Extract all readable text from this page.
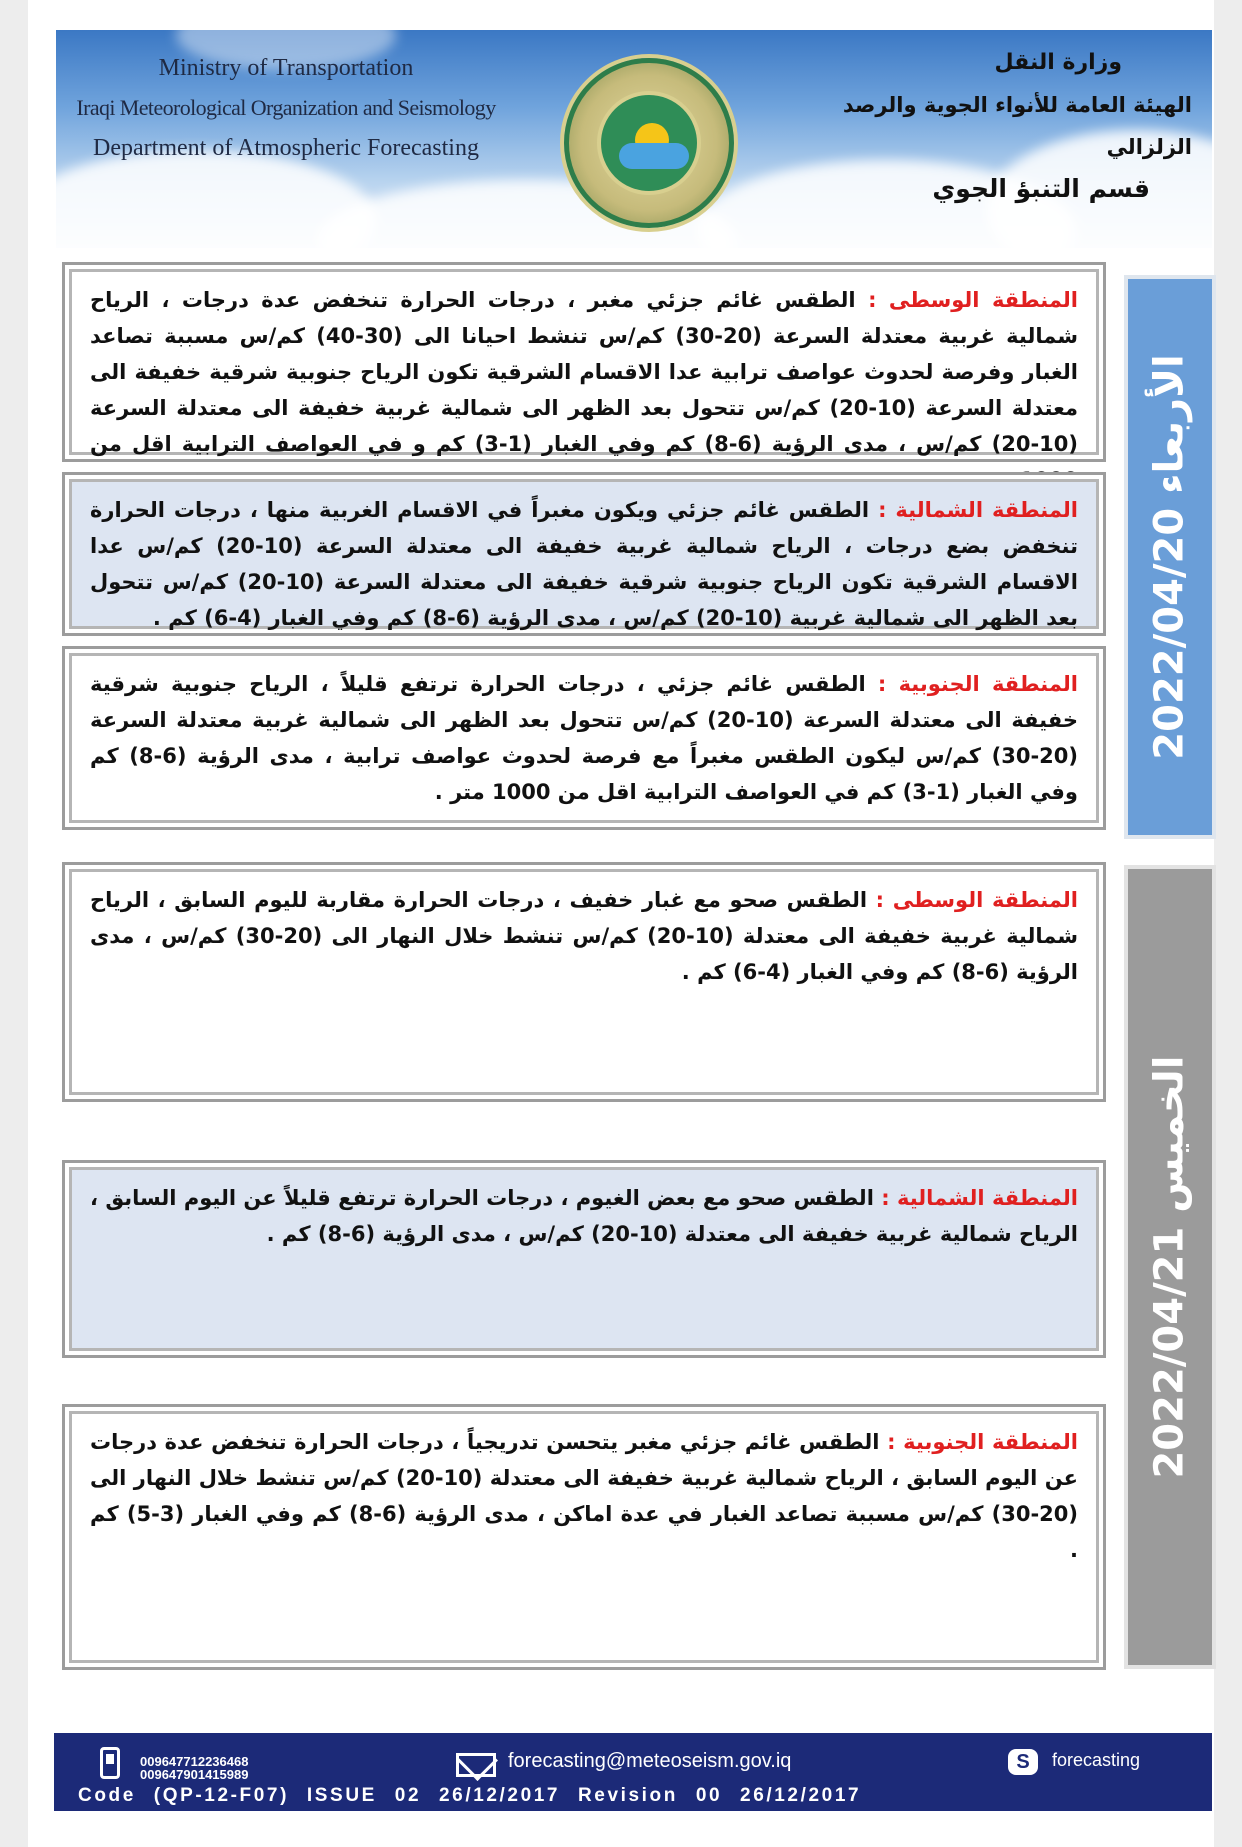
Ministry of Transportation
Iraqi Meteorological Organization and Seismology
Department of Atmospheric Forecasting
وزارة النقل
الهيئة العامة للأنواء الجوية والرصد الزلزالي
قسم التنبؤ الجوي
الأربعاء 2022/04/20
الخميس 2022/04/21
المنطقة الوسطى : الطقس غائم جزئي مغبر ، درجات الحرارة تنخفض عدة درجات ، الرياح شمالية غربية معتدلة السرعة (20-30) كم/س تنشط احيانا الى (30-40) كم/س مسببة تصاعد الغبار وفرصة لحدوث عواصف ترابية عدا الاقسام الشرقية تكون الرياح جنوبية شرقية خفيفة الى معتدلة السرعة (10-20) كم/س تتحول بعد الظهر الى شمالية غربية خفيفة الى معتدلة السرعة (10-20) كم/س ، مدى الرؤية (6-8) كم وفي الغبار (1-3) كم و في العواصف الترابية اقل من
المنطقة الشمالية : الطقس غائم جزئي ويكون مغبراً في الاقسام الغربية منها ، درجات الحرارة تنخفض بضع درجات ، الرياح شمالية غربية خفيفة الى معتدلة السرعة (10-20) كم/س عدا الاقسام الشرقية تكون الرياح جنوبية شرقية خفيفة الى معتدلة السرعة (10-20) كم/س تتحول بعد الظهر الى شمالية غربية (10-20) كم/س ، مدى الرؤية (6-8) كم وفي الغبار (4-6) كم .
المنطقة الجنوبية : الطقس غائم جزئي ، درجات الحرارة ترتفع قليلاً ، الرياح جنوبية شرقية خفيفة الى معتدلة السرعة (10-20) كم/س تتحول بعد الظهر الى شمالية غربية معتدلة السرعة (20-30) كم/س ليكون الطقس مغبراً مع فرصة لحدوث عواصف ترابية ، مدى الرؤية (6-8) كم وفي الغبار (1-3) كم في العواصف الترابية اقل من 1000 متر .
المنطقة الوسطى : الطقس صحو مع غبار خفيف ، درجات الحرارة مقاربة لليوم السابق ، الرياح شمالية غربية خفيفة الى معتدلة (10-20) كم/س تنشط خلال النهار الى (20-30) كم/س ، مدى الرؤية (6-8) كم وفي الغبار (4-6) كم .
المنطقة الشمالية : الطقس صحو مع بعض الغيوم ، درجات الحرارة ترتفع قليلاً عن اليوم السابق ، الرياح شمالية غربية خفيفة الى معتدلة (10-20) كم/س ، مدى الرؤية (6-8) كم .
المنطقة الجنوبية : الطقس غائم جزئي مغبر يتحسن تدريجياً ، درجات الحرارة تنخفض عدة درجات عن اليوم السابق ، الرياح شمالية غربية خفيفة الى معتدلة (10-20) كم/س تنشط خلال النهار الى (20-30) كم/س مسببة تصاعد الغبار في عدة اماكن ، مدى الرؤية (6-8) كم وفي الغبار (3-5) كم .
009647712236468
009647901415989
forecasting@meteoseism.gov.iq	S	forecasting
Code (QP-12-F07) ISSUE 02 26/12/2017 Revision 00 26/12/2017
